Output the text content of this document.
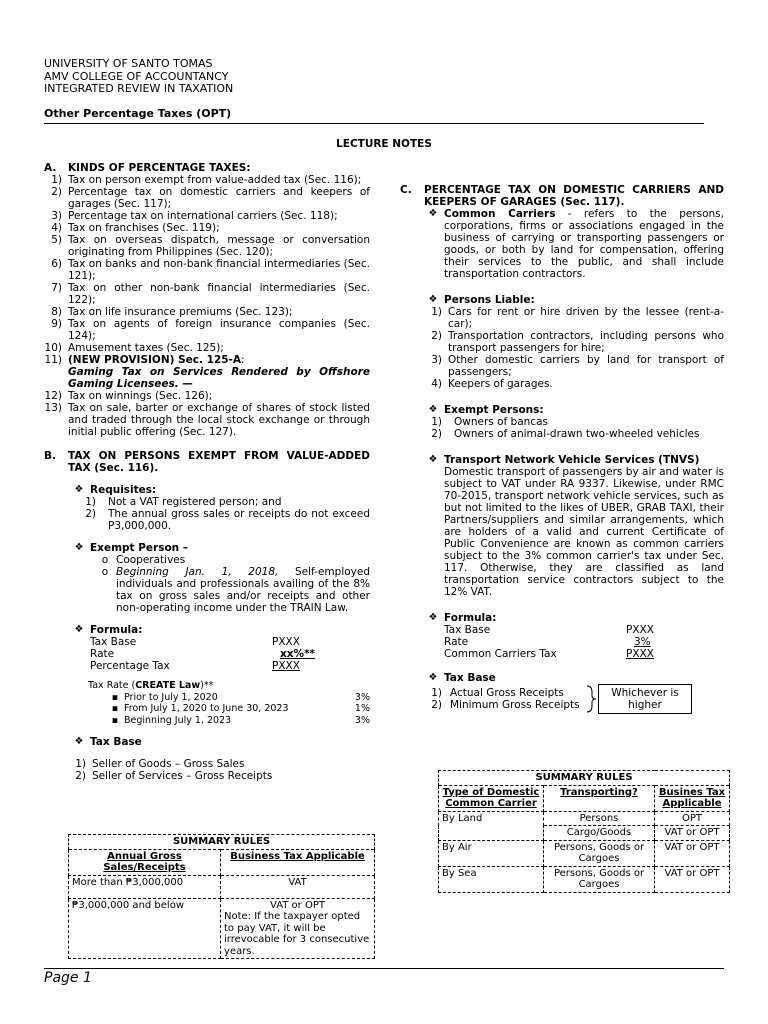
UNIVERSITY OF SANTO TOMAS
AMV COLLEGE OF ACCOUNTANCY
INTEGRATED REVIEW IN TAXATION
Other Percentage Taxes (OPT)
LECTURE NOTES
A.	KINDS OF PERCENTAGE TAXES:
1) Tax on person exempt from value-added tax (Sec. 116);
2) Percentage tax on domestic carriers and keepers of garages (Sec. 117);
3) Percentage tax on international carriers (Sec. 118);
4) Tax on franchises (Sec. 119);
5) Tax on overseas dispatch, message or conversation originating from Philippines (Sec. 120);
6) Tax on banks and non-bank financial intermediaries (Sec. 121);
7) Tax on other non-bank financial intermediaries (Sec. 122);
8) Tax on life insurance premiums (Sec. 123);
9) Tax on agents of foreign insurance companies (Sec. 124);
10) Amusement taxes (Sec. 125);
11) (NEW PROVISION) Sec. 125-A:
Gaming Tax on Services Rendered by Offshore Gaming Licensees. —
12) Tax on winnings (Sec. 126);
13) Tax on sale, barter or exchange of shares of stock listed and traded through the local stock exchange or through initial public offering (Sec. 127).
B.	TAX ON PERSONS EXEMPT FROM VALUE-ADDED TAX (Sec. 116).
❖ Requisites:
1)	Not a VAT registered person; and
2)	The annual gross sales or receipts do not exceed P3,000,000.
❖ Exempt Person –
o Cooperatives
o Beginning Jan. 1, 2018, Self-employed individuals and professionals availing of the 8% tax on gross sales and/or receipts and other non-operating income under the TRAIN Law.
❖ Formula:
Tax Base	PXXX
Rate	xx%**
Percentage Tax	PXXX
Tax Rate (CREATE Law)**
▪ Prior to July 1, 2020	3%
▪ From July 1, 2020 to June 30, 2023	1%
▪ Beginning July 1, 2023	3%
❖ Tax Base
1) Seller of Goods – Gross Sales
2) Seller of Services – Gross Receipts
SUMMARY RULES	
Annual Gross Sales/Receipts	Business Tax Applicable
More than ₱3,000,000	VAT
₱3,000,000 and below	VAT or OPT
Note: If the taxpayer opted to pay VAT, it will be irrevocable for 3 consecutive years.
C.	PERCENTAGE TAX ON DOMESTIC CARRIERS AND KEEPERS OF GARAGES (Sec. 117).
❖ Common Carriers - refers to the persons, corporations, firms or associations engaged in the business of carrying or transporting passengers or goods, or both by land for compensation, offering their services to the public, and shall include transportation contractors.
❖ Persons Liable:
1) Cars for rent or hire driven by the lessee (rent-a-car);
2) Transportation contractors, including persons who transport passengers for hire;
3) Other domestic carriers by land for transport of passengers;
4) Keepers of garages.
❖ Exempt Persons:
1)	Owners of bancas
2)	Owners of animal-drawn two-wheeled vehicles
❖ Transport Network Vehicle Services (TNVS)
Domestic transport of passengers by air and water is subject to VAT under RA 9337. Likewise, under RMC 70-2015, transport network vehicle services, such as but not limited to the likes of UBER, GRAB TAXI, their Partners/suppliers and similar arrangements, which are holders of a valid and current Certificate of Public Convenience are known as common carriers subject to the 3% common carrier's tax under Sec. 117. Otherwise, they are classified as land transportation service contractors subject to the 12% VAT.
❖ Formula:
Tax Base	PXXX
Rate	3%
Common Carriers Tax	PXXX
❖ Tax Base
1) Actual Gross Receipts
2) Minimum Gross Receipts
Whichever is higher
SUMMARY RULES		
Type of Domestic Common Carrier	Transporting?	Busines Tax Applicable
By Land	Persons	OPT
	Cargo/Goods	VAT or OPT
By Air	Persons, Goods or Cargoes	VAT or OPT
By Sea	Persons, Goods or Cargoes	VAT or OPT
Page 1
